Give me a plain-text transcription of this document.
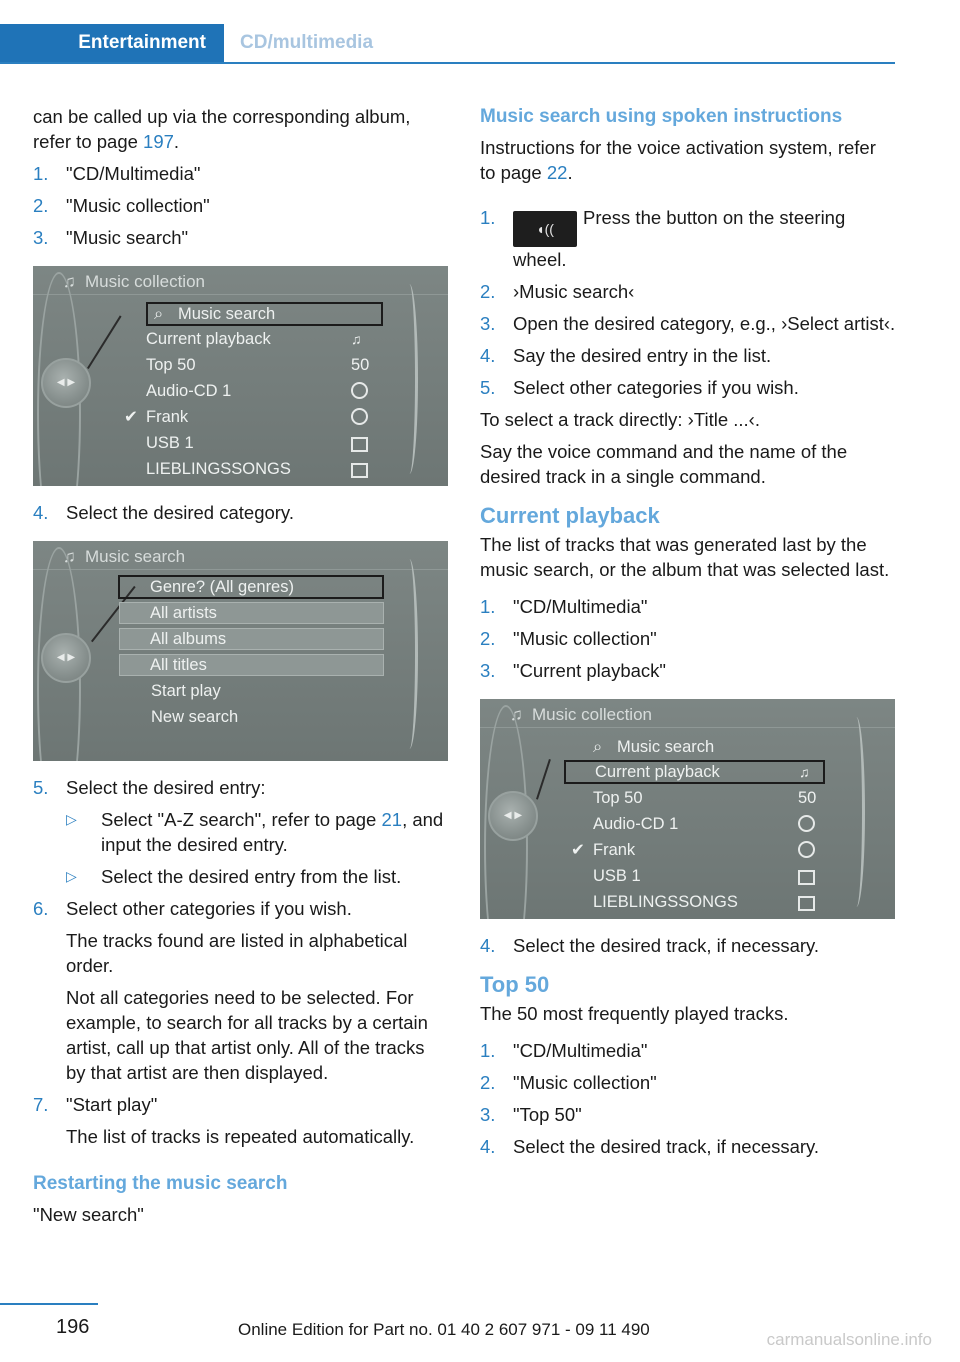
Entertainment	CD/multimedia

can be called up via the corresponding album, refer to page 197.

1. "CD/Multimedia"
2. "Music collection"
3. "Music search"
♫ Music collection
◀ ▶
⌕ Music search
Current playback	♫
Top 50	50
Audio-CD 1
✔ Frank
USB 1
LIEBLINGSSONGS
4. Select the desired category.
♫ Music search
◀ ▶
Genre? (All genres)
All artists
All albums
All titles
Start play
New search
5. Select the desired entry:
▷ Select "A-Z search", refer to page 21, and input the desired entry.
▷ Select the desired entry from the list.
6. Select other categories if you wish.
The tracks found are listed in alphabetical order.
Not all categories need to be selected. For example, to search for all tracks by a certain artist, call up that artist only. All of the tracks by that artist are then displayed.
7. "Start play"
The list of tracks is repeated automatically.
Restarting the music search

"New search"

Music search using spoken instructions

Instructions for the voice activation system, refer to page 22.

1.
◖((Press the button on the steering wheel.
2. ›Music search‹
3. Open the desired category, e.g., ›Select artist‹.
4. Say the desired entry in the list.
5. Select other categories if you wish.

To select a track directly: ›Title ...‹.

Say the voice command and the name of the desired track in a single command.

Current playback

The list of tracks that was generated last by the music search, or the album that was selected last.

1. "CD/Multimedia"
2. "Music collection"
3. "Current playback"
♫ Music collection
◀ ▶
⌕ Music search
Current playback	♫
Top 50	50
Audio-CD 1
✔ Frank
USB 1
LIEBLINGSSONGS
4. Select the desired track, if necessary.
Top 50

The 50 most frequently played tracks.

1. "CD/Multimedia"
2. "Music collection"
3. "Top 50"
4. Select the desired track, if necessary.
196	Online Edition for Part no. 01 40 2 607 971 - 09 11 490
carmanualsonline.info
